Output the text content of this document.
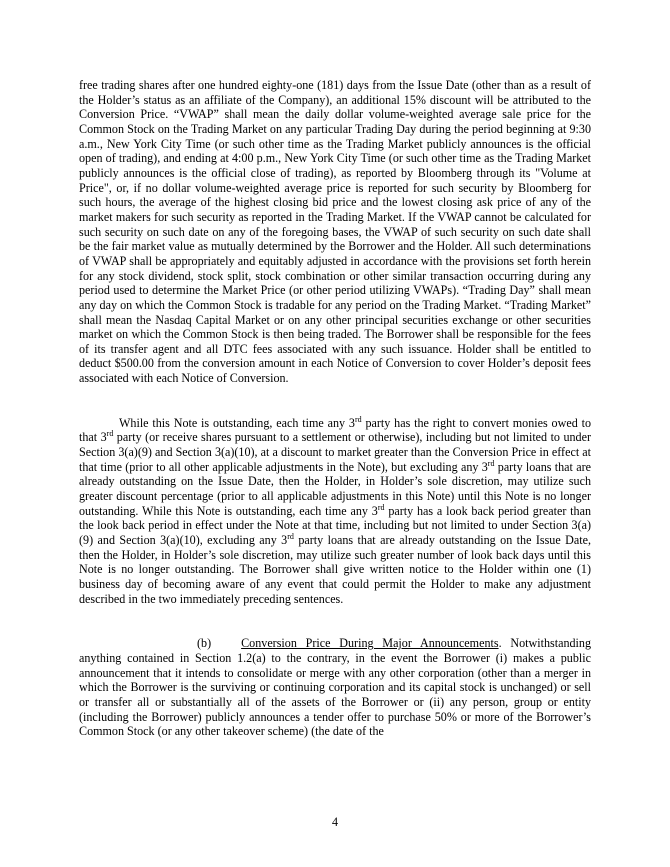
free trading shares after one hundred eighty-one (181) days from the Issue Date (other than as a result of the Holder’s status as an affiliate of the Company), an additional 15% discount will be attributed to the Conversion Price. “VWAP” shall mean the daily dollar volume-weighted average sale price for the Common Stock on the Trading Market on any particular Trading Day during the period beginning at 9:30 a.m., New York City Time (or such other time as the Trading Market publicly announces is the official open of trading), and ending at 4:00 p.m., New York City Time (or such other time as the Trading Market publicly announces is the official close of trading), as reported by Bloomberg through its "Volume at Price", or, if no dollar volume-weighted average price is reported for such security by Bloomberg for such hours, the average of the highest closing bid price and the lowest closing ask price of any of the market makers for such security as reported in the Trading Market. If the VWAP cannot be calculated for such security on such date on any of the foregoing bases, the VWAP of such security on such date shall be the fair market value as mutually determined by the Borrower and the Holder. All such determinations of VWAP shall be appropriately and equitably adjusted in accordance with the provisions set forth herein for any stock dividend, stock split, stock combination or other similar transaction occurring during any period used to determine the Market Price (or other period utilizing VWAPs). “Trading Day” shall mean any day on which the Common Stock is tradable for any period on the Trading Market. “Trading Market” shall mean the Nasdaq Capital Market or on any other principal securities exchange or other securities market on which the Common Stock is then being traded. The Borrower shall be responsible for the fees of its transfer agent and all DTC fees associated with any such issuance. Holder shall be entitled to deduct $500.00 from the conversion amount in each Notice of Conversion to cover Holder’s deposit fees associated with each Notice of Conversion.

While this Note is outstanding, each time any 3rd party has the right to convert monies owed to that 3rd party (or receive shares pursuant to a settlement or otherwise), including but not limited to under Section 3(a)(9) and Section 3(a)(10), at a discount to market greater than the Conversion Price in effect at that time (prior to all other applicable adjustments in the Note), but excluding any 3rd party loans that are already outstanding on the Issue Date, then the Holder, in Holder’s sole discretion, may utilize such greater discount percentage (prior to all applicable adjustments in this Note) until this Note is no longer outstanding. While this Note is outstanding, each time any 3rd party has a look back period greater than the look back period in effect under the Note at that time, including but not limited to under Section 3(a)(9) and Section 3(a)(10), excluding any 3rd party loans that are already outstanding on the Issue Date, then the Holder, in Holder’s sole discretion, may utilize such greater number of look back days until this Note is no longer outstanding. The Borrower shall give written notice to the Holder within one (1) business day of becoming aware of any event that could permit the Holder to make any adjustment described in the two immediately preceding sentences.

(b) Conversion Price During Major Announcements. Notwithstanding anything contained in Section 1.2(a) to the contrary, in the event the Borrower (i) makes a public announcement that it intends to consolidate or merge with any other corporation (other than a merger in which the Borrower is the surviving or continuing corporation and its capital stock is unchanged) or sell or transfer all or substantially all of the assets of the Borrower or (ii) any person, group or entity (including the Borrower) publicly announces a tender offer to purchase 50% or more of the Borrower’s Common Stock (or any other takeover scheme) (the date of the

4
